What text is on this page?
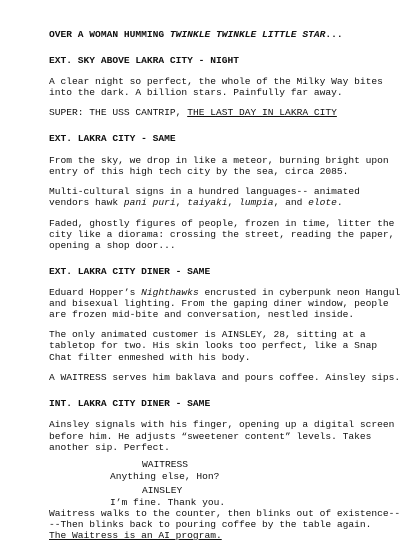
OVER A WOMAN HUMMING TWINKLE TWINKLE LITTLE STAR...
EXT. SKY ABOVE LAKRA CITY - NIGHT
A clear night so perfect, the whole of the Milky Way bites
into the dark. A billion stars. Painfully far away.
SUPER: THE USS CANTRIP, THE LAST DAY IN LAKRA CITY
EXT. LAKRA CITY - SAME
From the sky, we drop in like a meteor, burning bright upon
entry of this high tech city by the sea, circa 2085.
Multi-cultural signs in a hundred languages-- animated
vendors hawk pani puri, taiyaki, lumpia, and elote.
Faded, ghostly figures of people, frozen in time, litter the
city like a diorama: crossing the street, reading the paper,
opening a shop door...
EXT. LAKRA CITY DINER - SAME
Eduard Hopper’s Nighthawks encrusted in cyberpunk neon Hangul
and bisexual lighting. From the gaping diner window, people
are frozen mid-bite and conversation, nestled inside.
The only animated customer is AINSLEY, 28, sitting at a
tabletop for two. His skin looks too perfect, like a Snap
Chat filter enmeshed with his body.
A WAITRESS serves him baklava and pours coffee. Ainsley sips.
INT. LAKRA CITY DINER - SAME
Ainsley signals with his finger, opening up a digital screen
before him. He adjusts “sweetener content” levels. Takes
another sip. Perfect.
WAITRESS
Anything else, Hon?
AINSLEY
I’m fine. Thank you.
Waitress walks to the counter, then blinks out of existence--
--Then blinks back to pouring coffee by the table again.
The Waitress is an AI program.
